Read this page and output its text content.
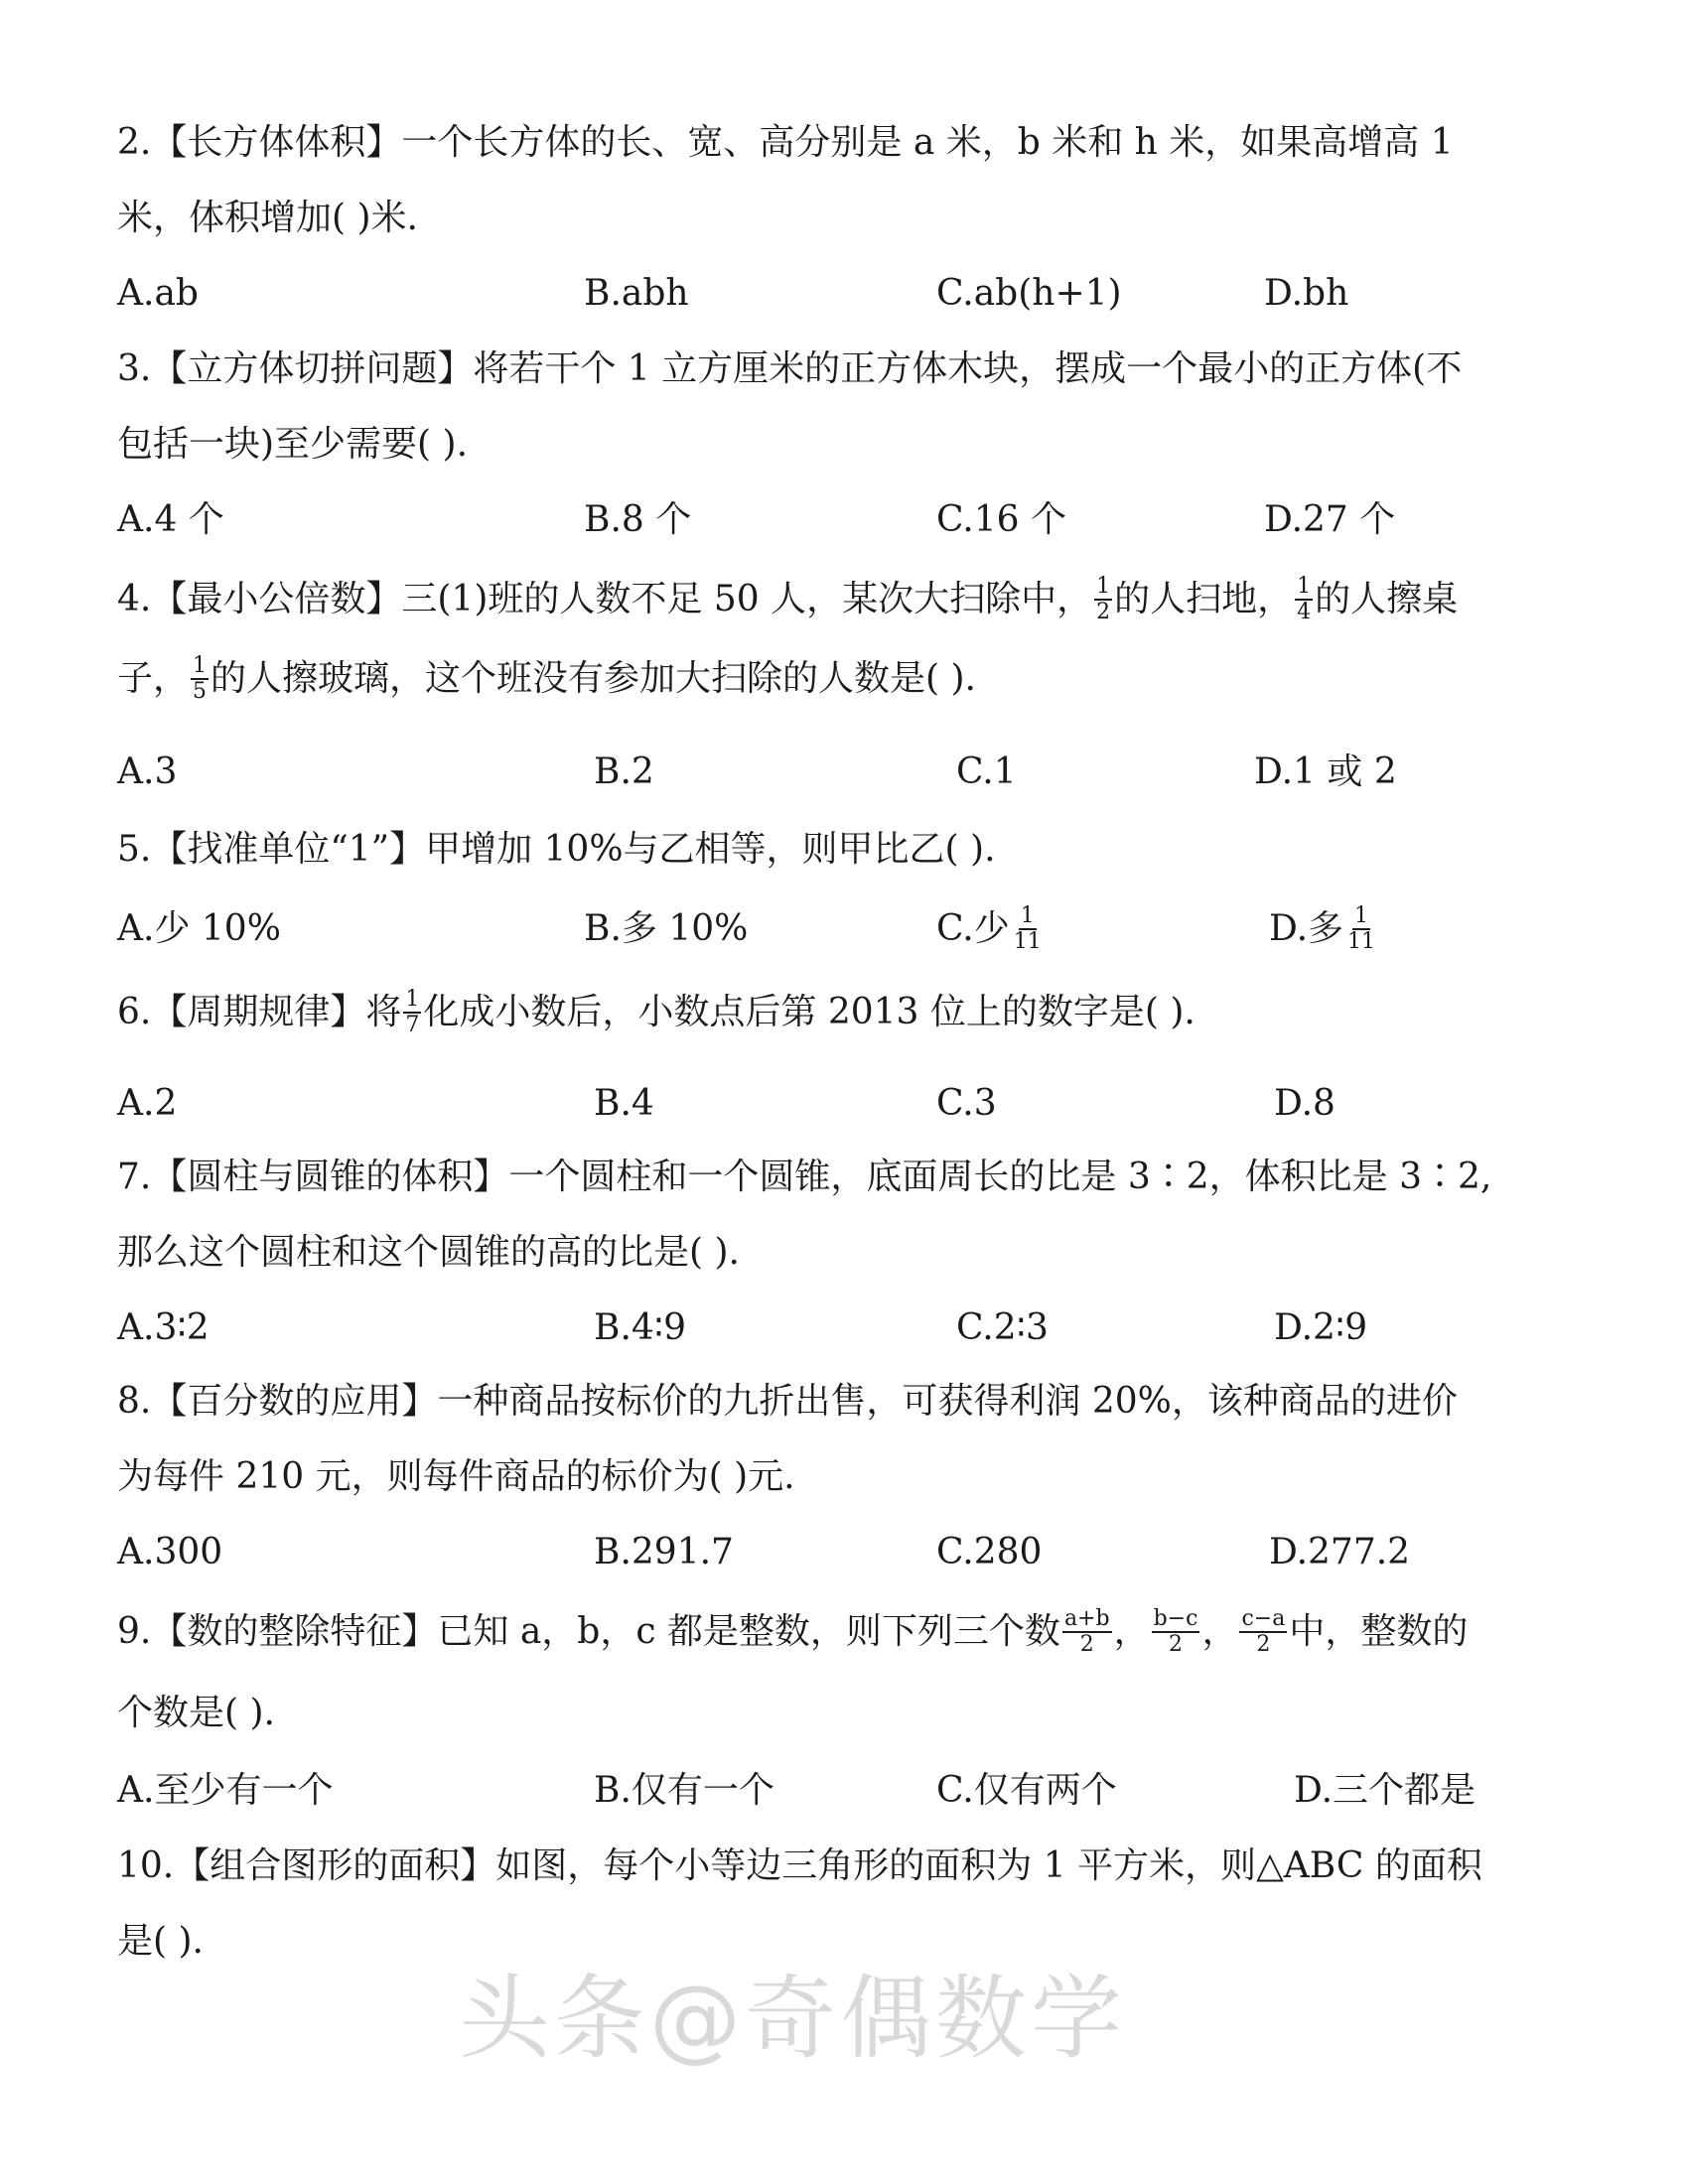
2.【长方体体积】一个长方体的长、宽、高分别是 a 米，b 米和 h 米，如果高增高 1
米，体积增加( )米.
A.ab	B.abh	C.ab(h+1)	D.bh
3.【立方体切拼问题】将若干个 1 立方厘米的正方体木块，摆成一个最小的正方体(不
包括一块)至少需要( ).
A.4 个	B.8 个	C.16 个	D.27 个
4.【最小公倍数】三(1)班的人数不足 50 人，某次大扫除中， $\frac{1}{2}$ 的人扫地， $\frac{1}{4}$ 的人擦桌
子， $\frac{1}{5}$ 的人擦玻璃，这个班没有参加大扫除的人数是( ).
A.3	B.2	C.1	D.1 或 2
5.【找准单位“1”】甲增加 10%与乙相等，则甲比乙( ).
A.少 10%	B.多 10%	C.少 $\frac{1}{11}$	D.多 $\frac{1}{11}$
6.【周期规律】将 $\frac{1}{7}$ 化成小数后，小数点后第 2013 位上的数字是( ).
A.2	B.4	C.3	D.8
7.【圆柱与圆锥的体积】一个圆柱和一个圆锥，底面周长的比是 3∶2，体积比是 3∶2,
那么这个圆柱和这个圆锥的高的比是( ).
A.3∶2	B.4∶9	C.2∶3	D.2∶9
8.【百分数的应用】一种商品按标价的九折出售，可获得利润 20%，该种商品的进价
为每件 210 元，则每件商品的标价为( )元.
A.300	B.291.7	C.280	D.277.2
9.【数的整除特征】已知 a，b，c 都是整数，则下列三个数 $\frac{a+b}{2}$ ， $\frac{b-c}{2}$ ， $\frac{c-a}{2}$ 中，整数的
个数是( ).
A.至少有一个	B.仅有一个	C.仅有两个	D.三个都是
10.【组合图形的面积】如图，每个小等边三角形的面积为 1 平方米，则△ABC 的面积
是( ).
头条@奇偶数学
